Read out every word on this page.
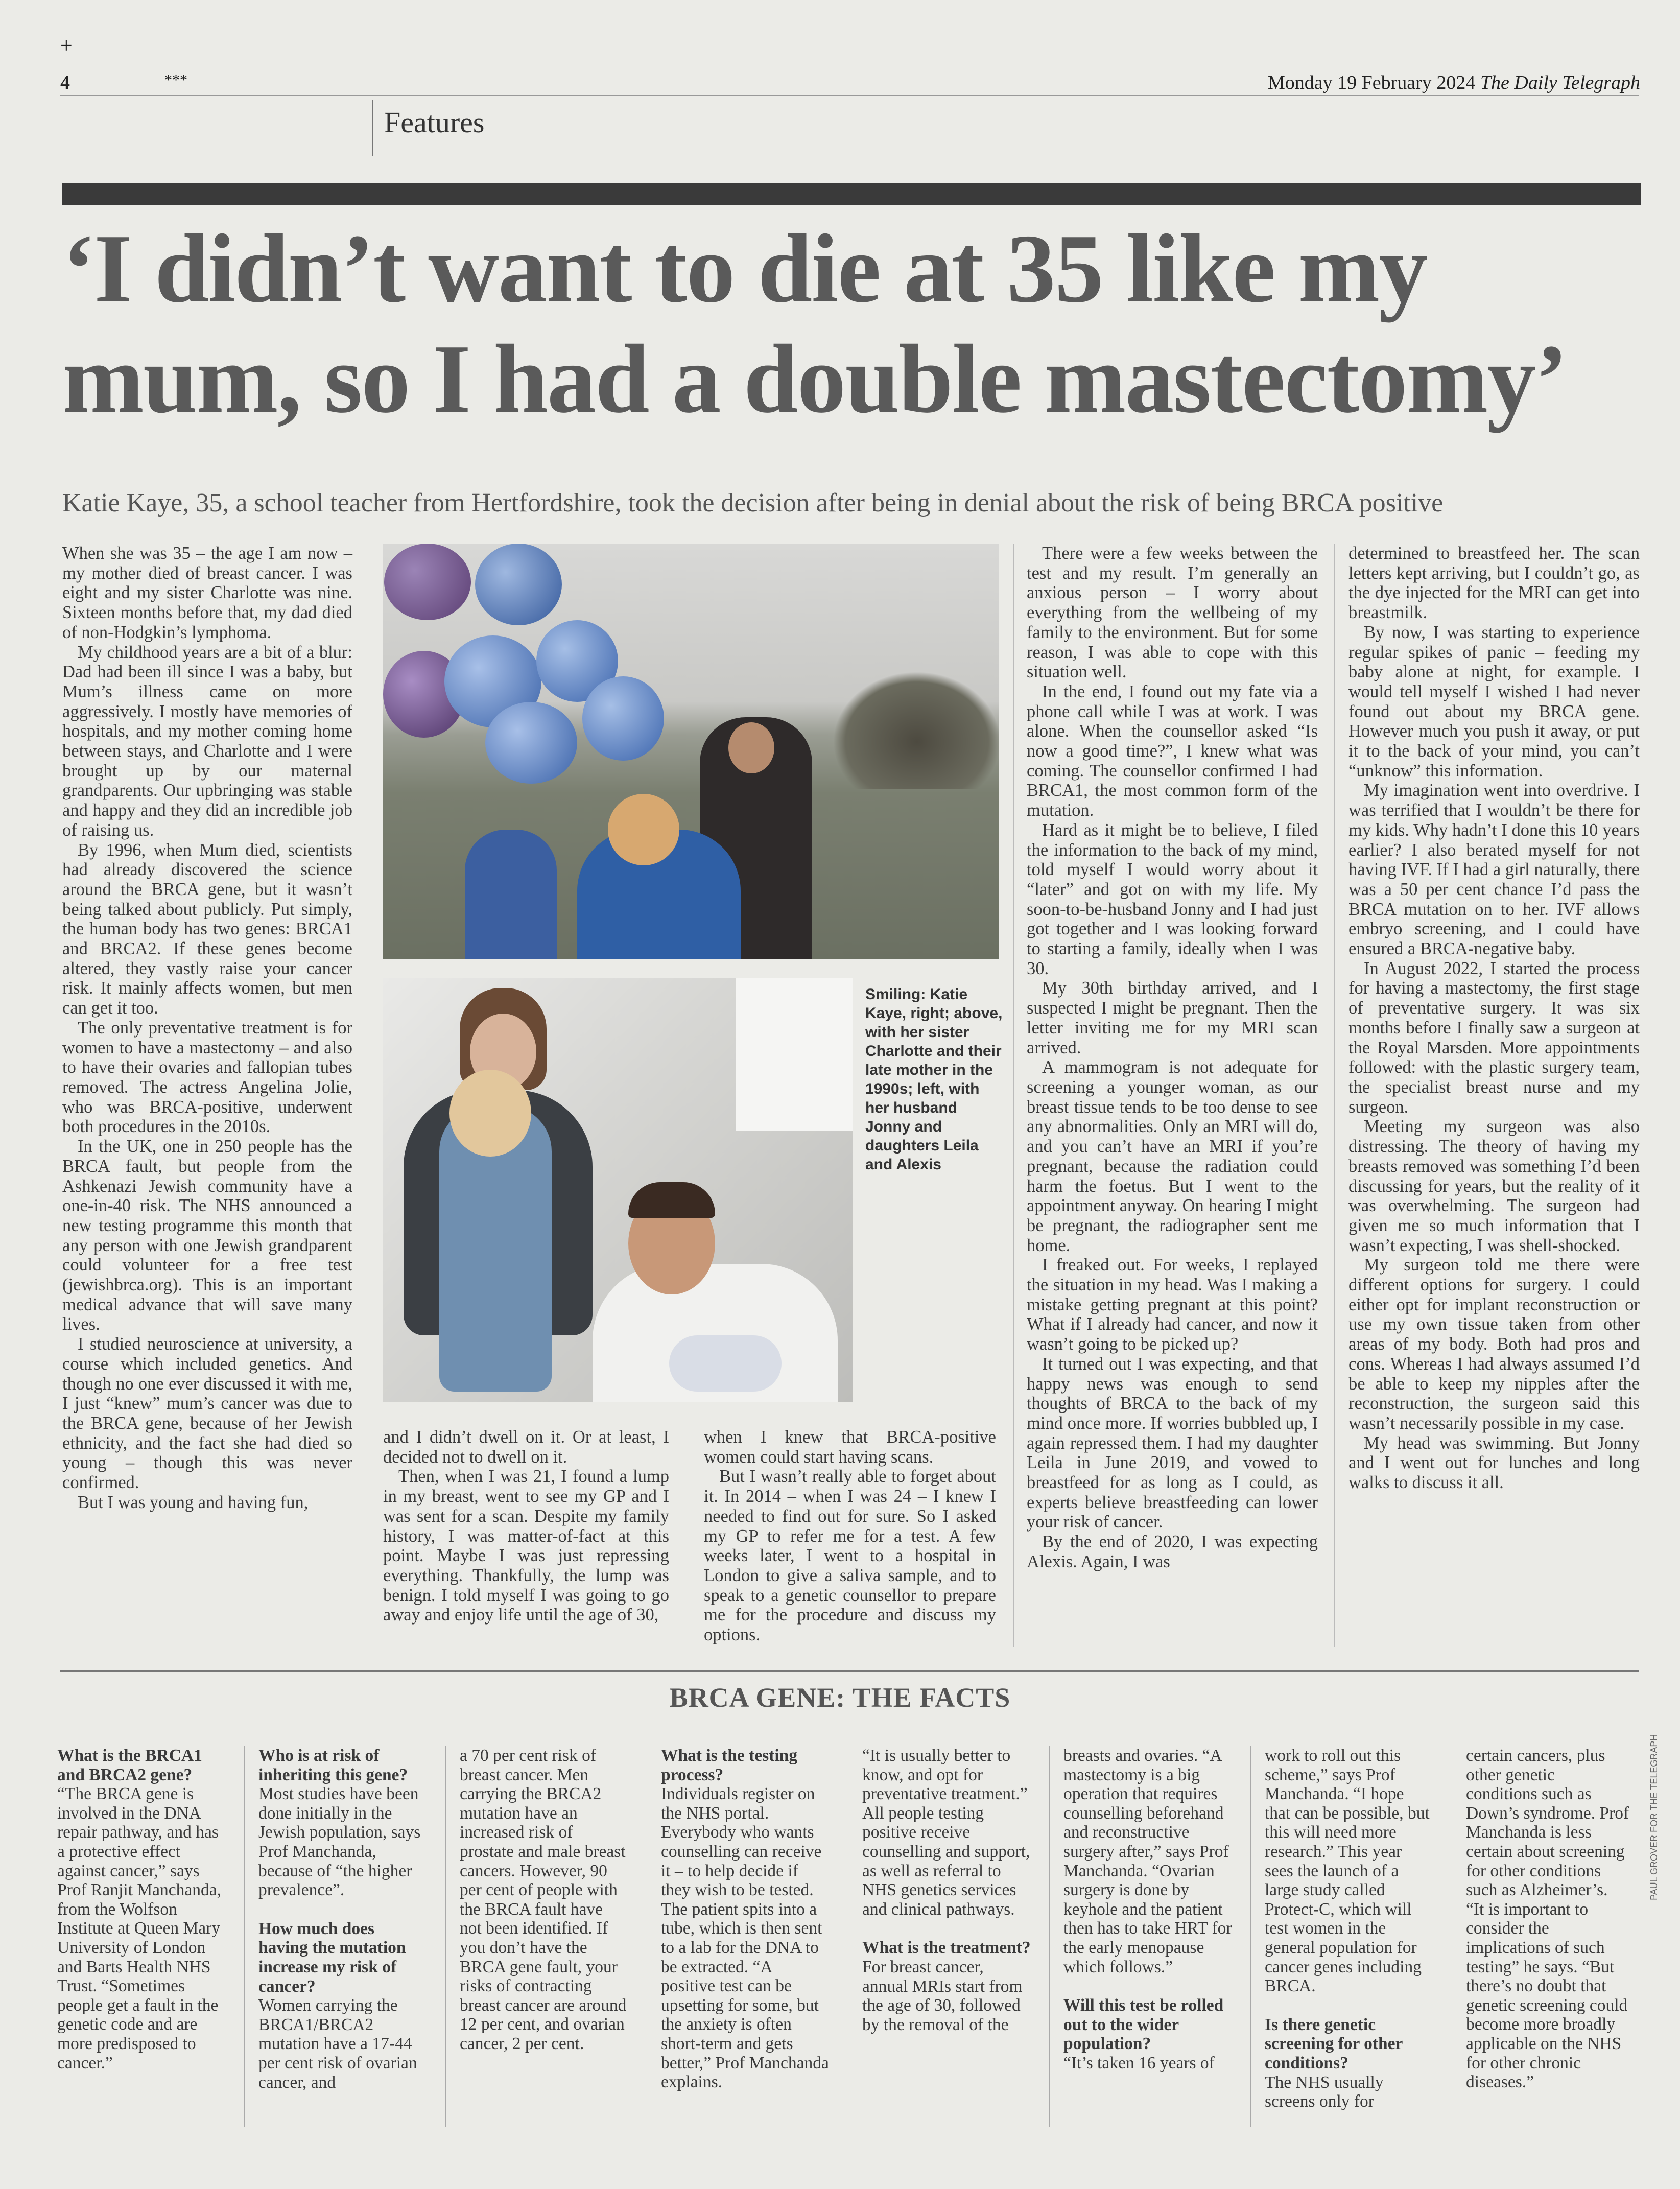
+
4	***	Monday 19 February 2024 The Daily Telegraph
Features
‘I didn’t want to die at 35 like my
mum, so I had a double mastectomy’

Katie Kaye, 35, a school teacher from Hertfordshire, took the decision after being in denial about the risk of being BRCA positive

When she was 35 – the age I am now – my mother died of breast cancer. I was eight and my sister Charlotte was nine. Sixteen months before that, my dad died of non-Hodgkin’s lymphoma.

My childhood years are a bit of a blur: Dad had been ill since I was a baby, but Mum’s illness came on more aggressively. I mostly have memories of hospitals, and my mother coming home between stays, and Charlotte and I were brought up by our maternal grandparents. Our upbringing was stable and happy and they did an incredible job of raising us.

By 1996, when Mum died, scientists had already discovered the science around the BRCA gene, but it wasn’t being talked about publicly. Put simply, the human body has two genes: BRCA1 and BRCA2. If these genes become altered, they vastly raise your cancer risk. It mainly affects women, but men can get it too.

The only preventative treatment is for women to have a mastectomy – and also to have their ovaries and fallopian tubes removed. The actress Angelina Jolie, who was BRCA-positive, underwent both procedures in the 2010s.

In the UK, one in 250 people has the BRCA fault, but people from the Ashkenazi Jewish community have a one-in-40 risk. The NHS announced a new testing programme this month that any person with one Jewish grandparent could volunteer for a free test (jewishbrca.org). This is an important medical advance that will save many lives.

I studied neuroscience at university, a course which included genetics. And though no one ever discussed it with me, I just “knew” mum’s cancer was due to the BRCA gene, because of her Jewish ethnicity, and the fact she had died so young – though this was never confirmed.

But I was young and having fun,

Smiling: Katie Kaye, right; above, with her sister Charlotte and their late mother in the 1990s; left, with her husband Jonny and daughters Leila and Alexis

and I didn’t dwell on it. Or at least, I decided not to dwell on it.

Then, when I was 21, I found a lump in my breast, went to see my GP and I was sent for a scan. Despite my family history, I was matter-of-fact at this point. Maybe I was just repressing everything. Thankfully, the lump was benign. I told myself I was going to go away and enjoy life until the age of 30,

when I knew that BRCA-positive women could start having scans.

But I wasn’t really able to forget about it. In 2014 – when I was 24 – I knew I needed to find out for sure. So I asked my GP to refer me for a test. A few weeks later, I went to a hospital in London to give a saliva sample, and to speak to a genetic counsellor to prepare me for the procedure and discuss my options.

There were a few weeks between the test and my result. I’m generally an anxious person – I worry about everything from the wellbeing of my family to the environment. But for some reason, I was able to cope with this situation well.

In the end, I found out my fate via a phone call while I was at work. I was alone. When the counsellor asked “Is now a good time?”, I knew what was coming. The counsellor confirmed I had BRCA1, the most common form of the mutation.

Hard as it might be to believe, I filed the information to the back of my mind, told myself I would worry about it “later” and got on with my life. My soon-to-be-husband Jonny and I had just got together and I was looking forward to starting a family, ideally when I was 30.

My 30th birthday arrived, and I suspected I might be pregnant. Then the letter inviting me for my MRI scan arrived.

A mammogram is not adequate for screening a younger woman, as our breast tissue tends to be too dense to see any abnormalities. Only an MRI will do, and you can’t have an MRI if you’re pregnant, because the radiation could harm the foetus. But I went to the appointment anyway. On hearing I might be pregnant, the radiographer sent me home.

I freaked out. For weeks, I replayed the situation in my head. Was I making a mistake getting pregnant at this point? What if I already had cancer, and now it wasn’t going to be picked up?

It turned out I was expecting, and that happy news was enough to send thoughts of BRCA to the back of my mind once more. If worries bubbled up, I again repressed them. I had my daughter Leila in June 2019, and vowed to breastfeed for as long as I could, as experts believe breastfeeding can lower your risk of cancer.

By the end of 2020, I was expecting Alexis. Again, I was

determined to breastfeed her. The scan letters kept arriving, but I couldn’t go, as the dye injected for the MRI can get into breastmilk.

By now, I was starting to experience regular spikes of panic – feeding my baby alone at night, for example. I would tell myself I wished I had never found out about my BRCA gene. However much you push it away, or put it to the back of your mind, you can’t “unknow” this information.

My imagination went into overdrive. I was terrified that I wouldn’t be there for my kids. Why hadn’t I done this 10 years earlier? I also berated myself for not having IVF. If I had a girl naturally, there was a 50 per cent chance I’d pass the BRCA mutation on to her. IVF allows embryo screening, and I could have ensured a BRCA-negative baby.

In August 2022, I started the process for having a mastectomy, the first stage of preventative surgery. It was six months before I finally saw a surgeon at the Royal Marsden. More appointments followed: with the plastic surgery team, the specialist breast nurse and my surgeon.

Meeting my surgeon was also distressing. The theory of having my breasts removed was something I’d been discussing for years, but the reality of it was overwhelming. The surgeon had given me so much information that I wasn’t expecting, I was shell-shocked.

My surgeon told me there were different options for surgery. I could either opt for implant reconstruction or use my own tissue taken from other areas of my body. Both had pros and cons. Whereas I had always assumed I’d be able to keep my nipples after the reconstruction, the surgeon said this wasn’t necessarily possible in my case.

My head was swimming. But Jonny and I went out for lunches and long walks to discuss it all.

BRCA GENE: THE FACTS

What is the BRCA1 and BRCA2 gene?

“The BRCA gene is involved in the DNA repair pathway, and has a protective effect against cancer,” says Prof Ranjit Manchanda, from the Wolfson Institute at Queen Mary University of London and Barts Health NHS Trust. “Sometimes people get a fault in the genetic code and are more predisposed to cancer.”

Who is at risk of inheriting this gene?

Most studies have been done initially in the Jewish population, says Prof Manchanda, because of “the higher prevalence”.

How much does having the mutation increase my risk of cancer?

Women carrying the BRCA1/BRCA2 mutation have a 17-44 per cent risk of ovarian cancer, and

a 70 per cent risk of breast cancer. Men carrying the BRCA2 mutation have an increased risk of prostate and male breast cancers. However, 90 per cent of people with the BRCA fault have not been identified. If you don’t have the BRCA gene fault, your risks of contracting breast cancer are around 12 per cent, and ovarian cancer, 2 per cent.

What is the testing process?

Individuals register on the NHS portal. Everybody who wants counselling can receive it – to help decide if they wish to be tested. The patient spits into a tube, which is then sent to a lab for the DNA to be extracted. “A positive test can be upsetting for some, but the anxiety is often short-term and gets better,” Prof Manchanda explains.

“It is usually better to know, and opt for preventative treatment.” All people testing positive receive counselling and support, as well as referral to NHS genetics services and clinical pathways.

What is the treatment?

For breast cancer, annual MRIs start from the age of 30, followed by the removal of the

breasts and ovaries. “A mastectomy is a big operation that requires counselling beforehand and reconstructive surgery after,” says Prof Manchanda. “Ovarian surgery is done by keyhole and the patient then has to take HRT for the early menopause which follows.”

Will this test be rolled out to the wider population?

“It’s taken 16 years of

work to roll out this scheme,” says Prof Manchanda. “I hope that can be possible, but this will need more research.” This year sees the launch of a large study called Protect-C, which will test women in the general population for cancer genes including BRCA.

Is there genetic screening for other conditions?

The NHS usually screens only for

certain cancers, plus other genetic conditions such as Down’s syndrome. Prof Manchanda is less certain about screening for other conditions such as Alzheimer’s. “It is important to consider the implications of such testing” he says. “But there’s no doubt that genetic screening could become more broadly applicable on the NHS for other chronic diseases.”

PAUL GROVER FOR THE TELEGRAPH
